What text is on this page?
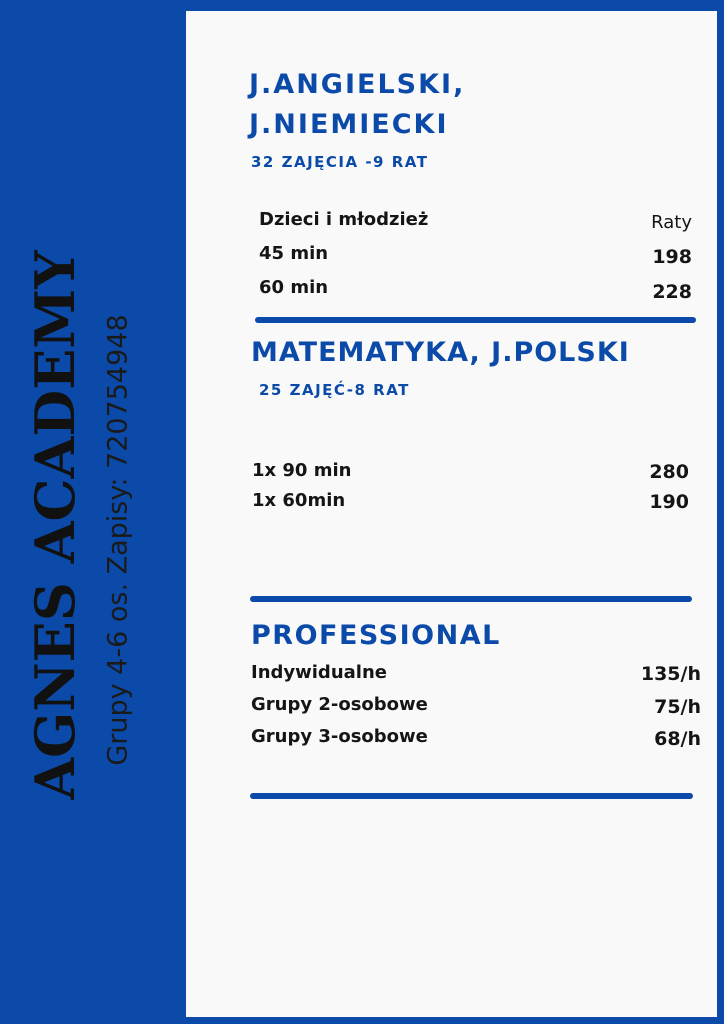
AGNES ACADEMY Grupy 4-6 os. Zapisy: 720754948
J.ANGIELSKI,
J.NIEMIECKI
32 ZAJĘCIA -9 RAT
Dzieci i młodzież	Raty
45 min	198
60 min	228
MATEMATYKA, J.POLSKI
25 ZAJĘĆ-8 RAT
1x 90 min	280
1x 60min	190
PROFESSIONAL
Indywidualne	135/h
Grupy 2-osobowe	75/h
Grupy 3-osobowe	68/h
